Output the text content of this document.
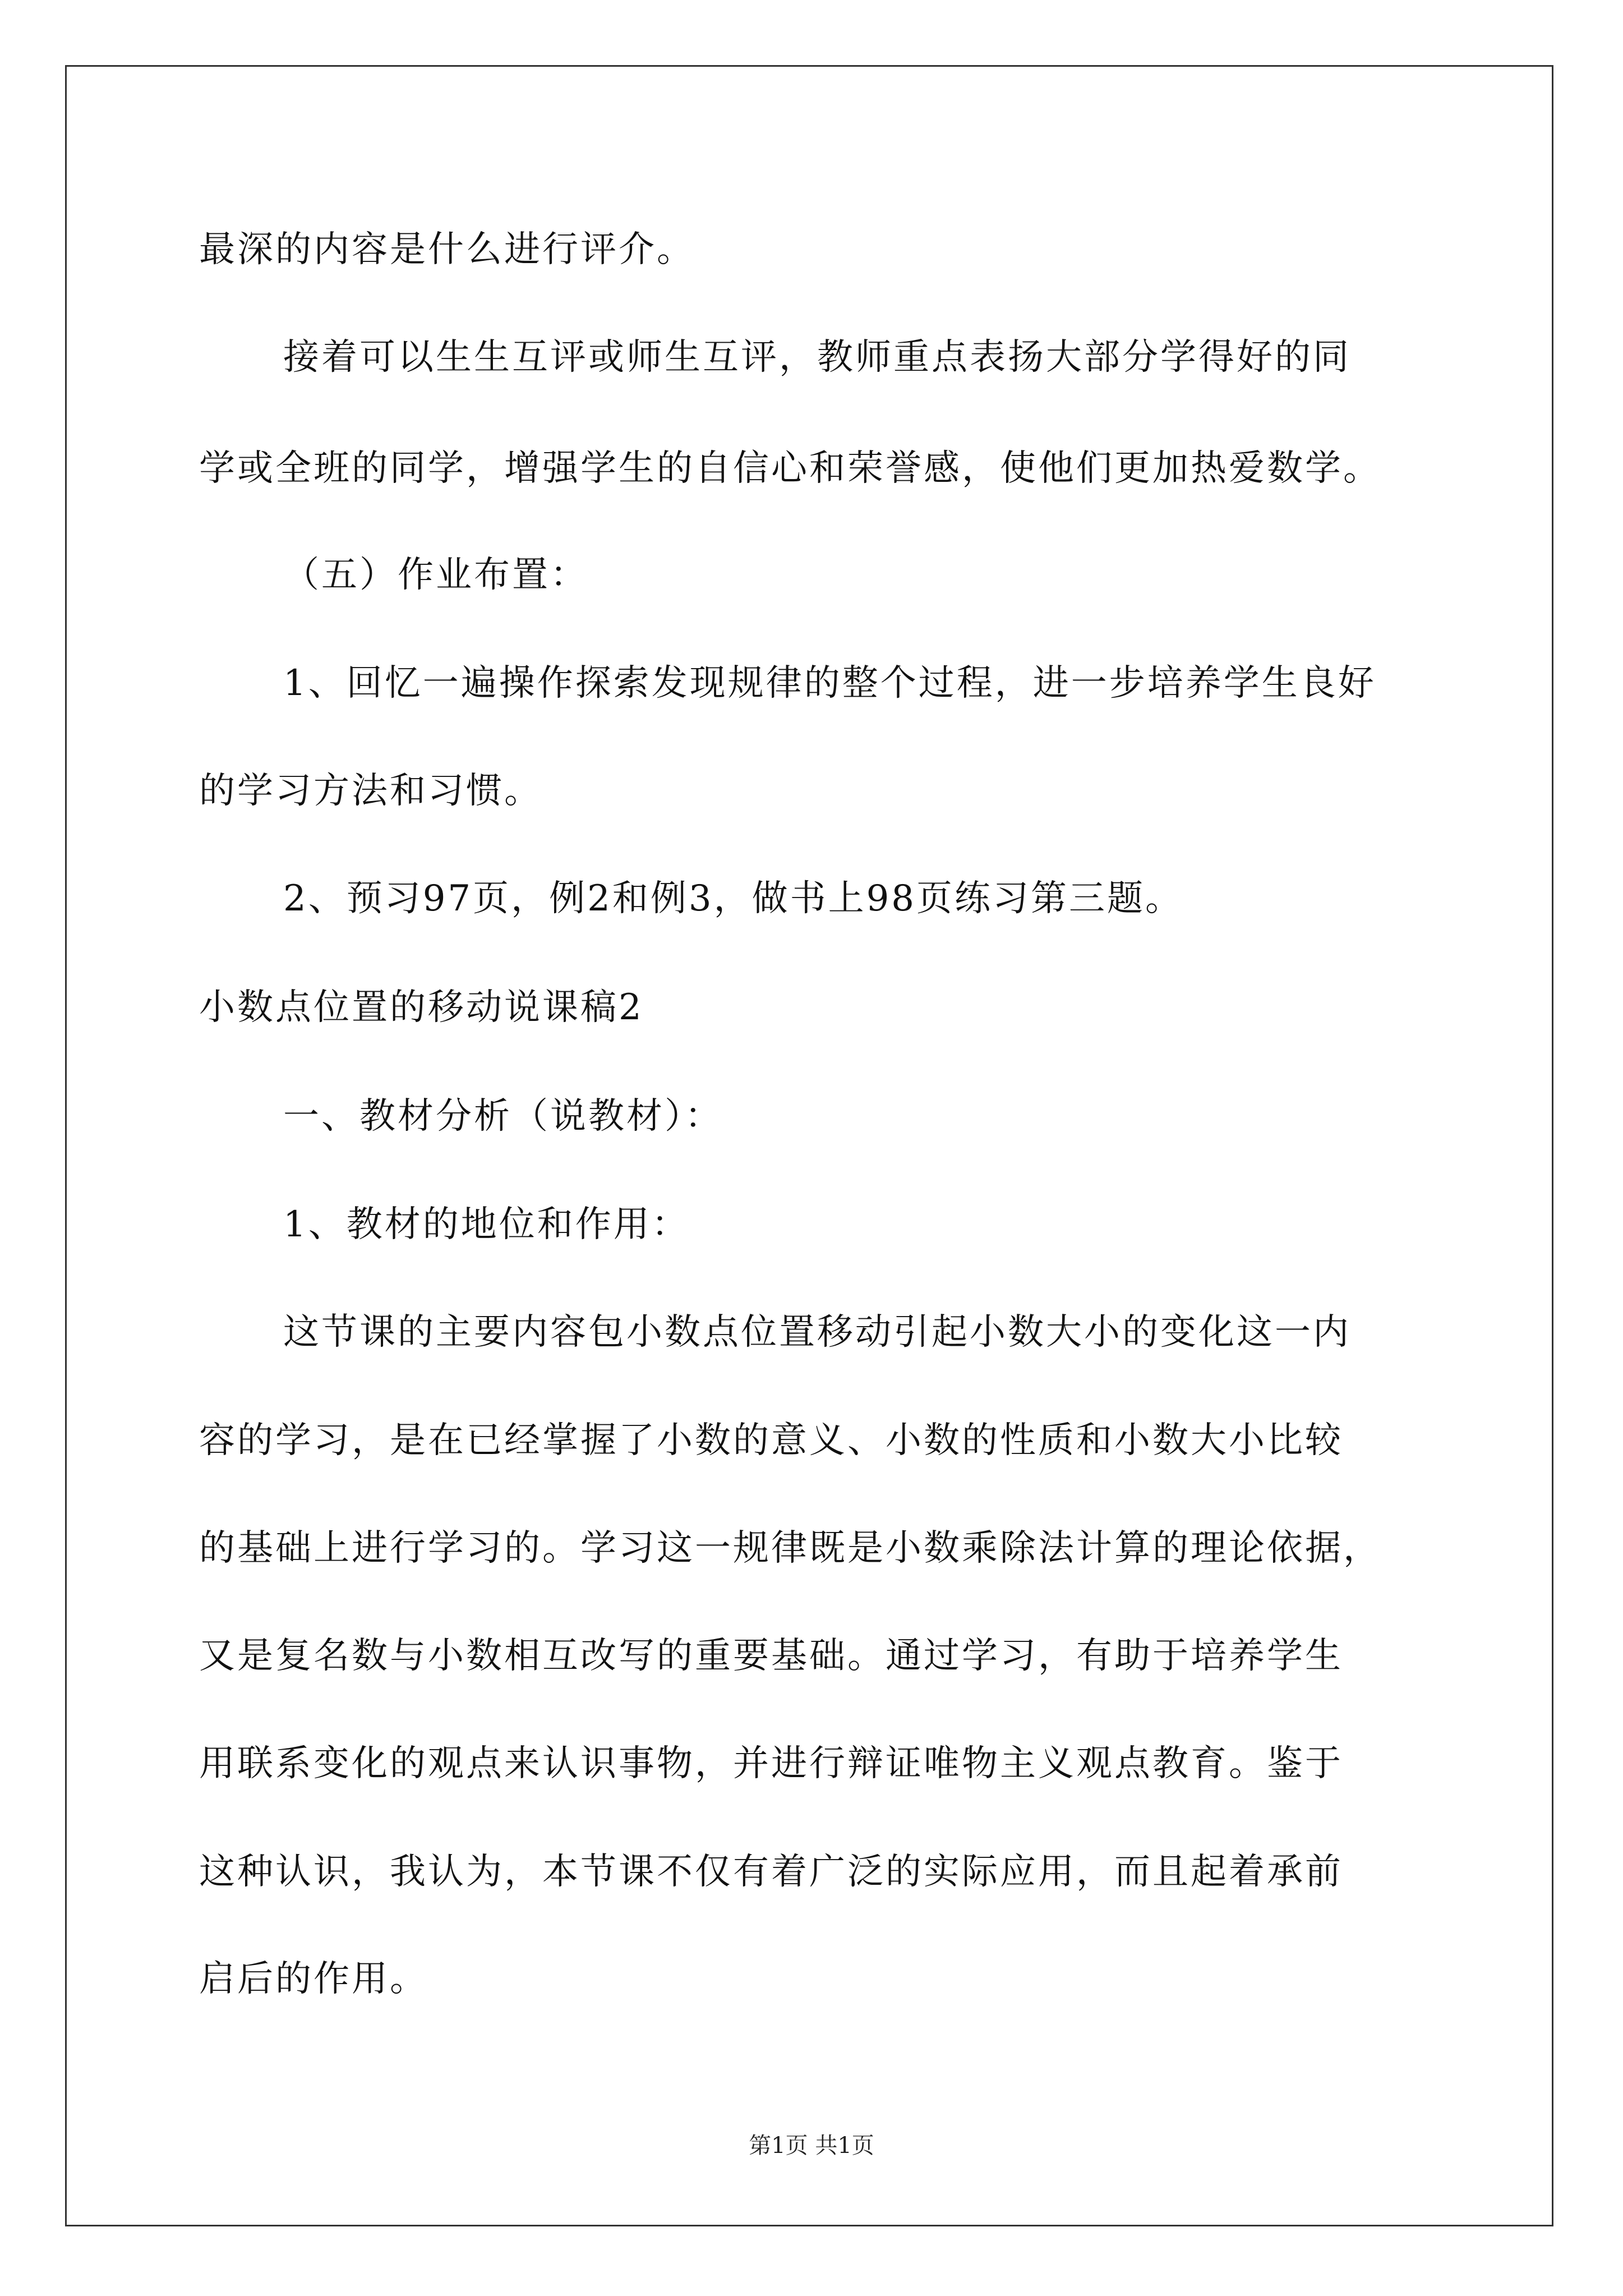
最深的内容是什么进行评介。
接着可以生生互评或师生互评，教师重点表扬大部分学得好的同
学或全班的同学，增强学生的自信心和荣誉感，使他们更加热爱数学。
（五）作业布置：
1、回忆一遍操作探索发现规律的整个过程，进一步培养学生良好
的学习方法和习惯。
2、预习97页，例2和例3，做书上98页练习第三题。
小数点位置的移动说课稿2
一、教材分析（说教材）：
1、教材的地位和作用：
这节课的主要内容包小数点位置移动引起小数大小的变化这一内
容的学习，是在已经掌握了小数的意义、小数的性质和小数大小比较
的基础上进行学习的。学习这一规律既是小数乘除法计算的理论依据，
又是复名数与小数相互改写的重要基础。通过学习，有助于培养学生
用联系变化的观点来认识事物，并进行辩证唯物主义观点教育。鉴于
这种认识，我认为，本节课不仅有着广泛的实际应用，而且起着承前
启后的作用。
第1页 共1页
